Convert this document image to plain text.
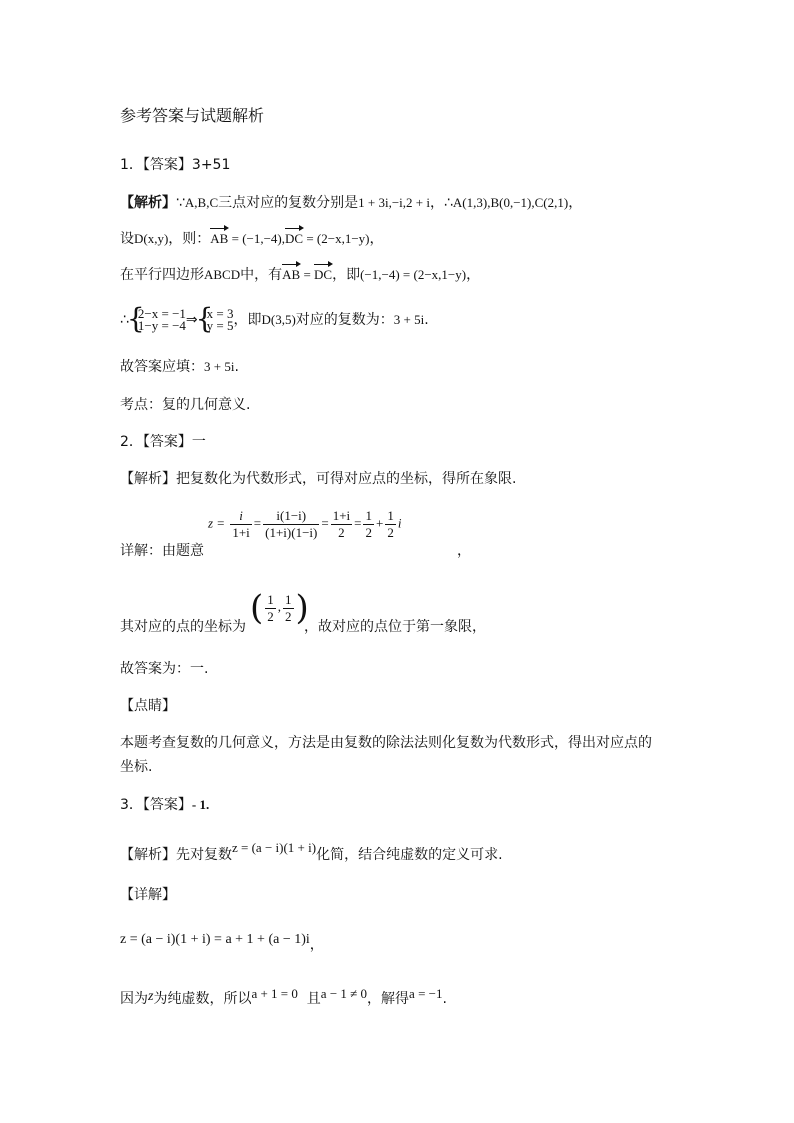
参考答案与试题解析
1．【答案】3+51
【解析】∵A,B,C三点对应的复数分别是1 + 3i,−i,2 + i，∴A(1,3),B(0,−1),C(2,1)，
设D(x,y)，则：AB = (−1,−4),DC = (2−x,1−y)，
在平行四边形ABCD中，有AB = DC，即(−1,−4) = (2−x,1−y)，
∴ { 2−x = −1
1−y = −4 ⇒ { x = 3
y = 5 ，即D(3,5)对应的复数为：3 + 5i.
故答案应填：3 + 5i.
考点：复的几何意义.
2．【答案】一
【解析】把复数化为代数形式，可得对应点的坐标，得所在象限.
详解：由题意
$z = \frac{i}{1+i} = \frac{i(1-i)}{(1+i)(1-i)} = \frac{1+i}{2} = \frac{1}{2} + \frac{1}{2}$ i
，
其对应的点的坐标为 ( $\frac{1}{2}$ , $\frac{1}{2}$ )
，故对应的点位于第一象限，
故答案为：一.
【点睛】
本题考查复数的几何意义，方法是由复数的除法法则化复数为代数形式，得出对应点的
坐标.
3．【答案】- 1.
【解析】先对复数z = (a − i)(1 + i)化简，结合纯虚数的定义可求.
【详解】
z = (a − i)(1 + i) = a + 1 + (a − 1)i，
因为z为纯虚数，所以a + 1 = 0 且a − 1 ≠ 0，解得a = −1.
